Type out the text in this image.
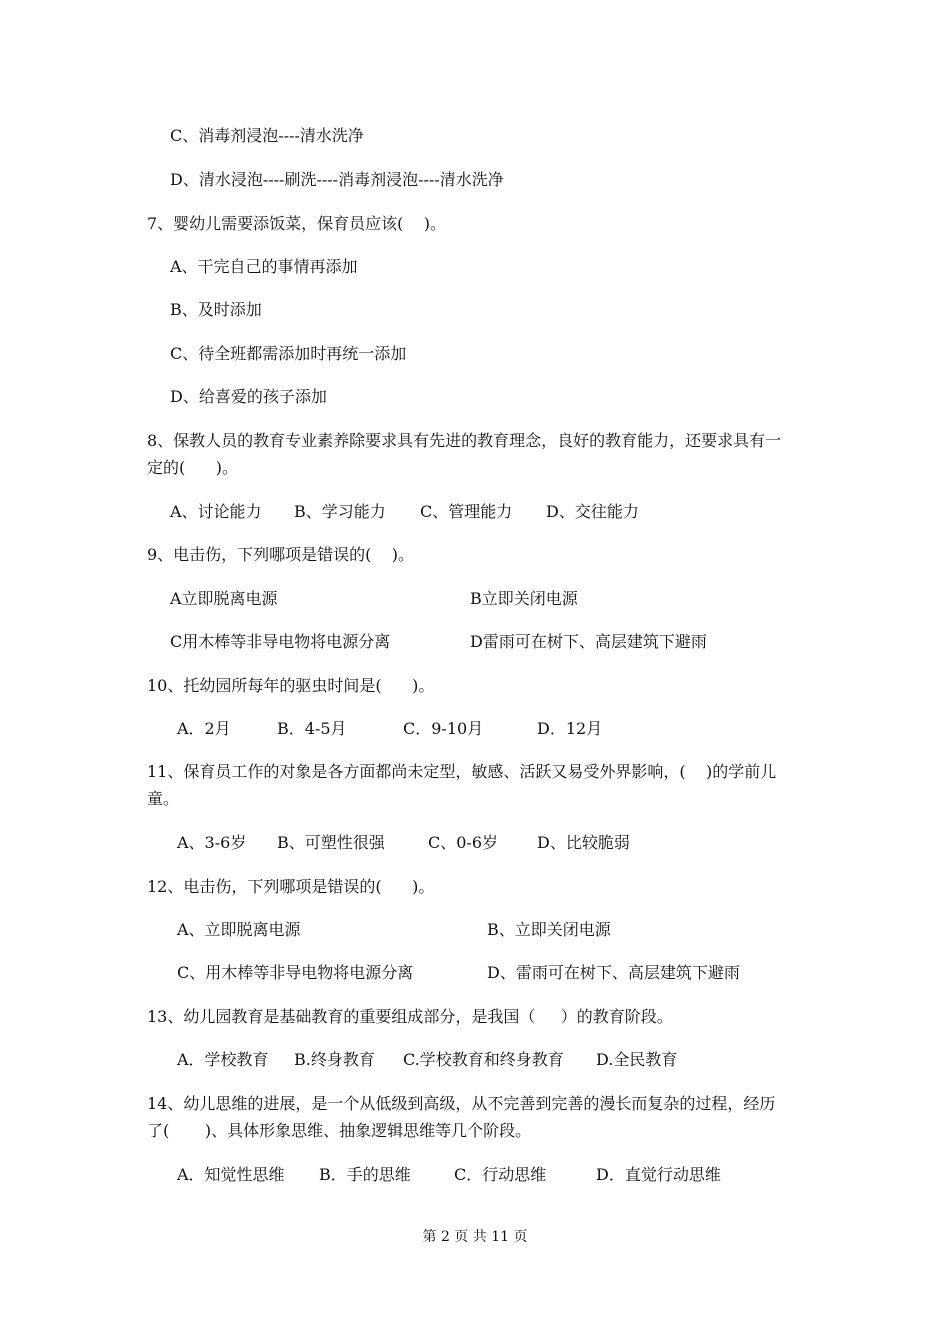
C、消毒剂浸泡----清水洗净

D、清水浸泡----刷洗----消毒剂浸泡----清水洗净

7、婴幼儿需要添饭菜，保育员应该(    )。

A、干完自己的事情再添加

B、及时添加

C、待全班都需添加时再统一添加

D、给喜爱的孩子添加

8、保教人员的教育专业素养除要求具有先进的教育理念，良好的教育能力，还要求具有一

定的(      )。

A、讨论能力 B、学习能力 C、管理能力 D、交往能力

9、电击伤，下列哪项是错误的(    )。

A立即脱离电源	B立即关闭电源

C用木棒等非导电物将电源分离	D雷雨可在树下、高层建筑下避雨

10、托幼园所每年的驱虫时间是(      )。

A．2月	B．4-5月	C．9-10月	D．12月

11、保育员工作的对象是各方面都尚未定型，敏感、活跃又易受外界影响，(    )的学前儿

童。

A、3-6岁 B、可塑性很强	C、0-6岁 D、比较脆弱

12、电击伤，下列哪项是错误的(      )。

A、立即脱离电源	B、立即关闭电源

C、用木棒等非导电物将电源分离	D、雷雨可在树下、高层建筑下避雨

13、幼儿园教育是基础教育的重要组成部分，是我国（     ）的教育阶段。

A．学校教育 B.终身教育 C.学校教育和终身教育 D.全民教育

14、幼儿思维的进展，是一个从低级到高级，从不完善到完善的漫长而复杂的过程，经历

了(       )、具体形象思维、抽象逻辑思维等几个阶段。

A．知觉性思维 B．手的思维	C．行动思维	D．直觉行动思维

第 2 页 共 11 页
